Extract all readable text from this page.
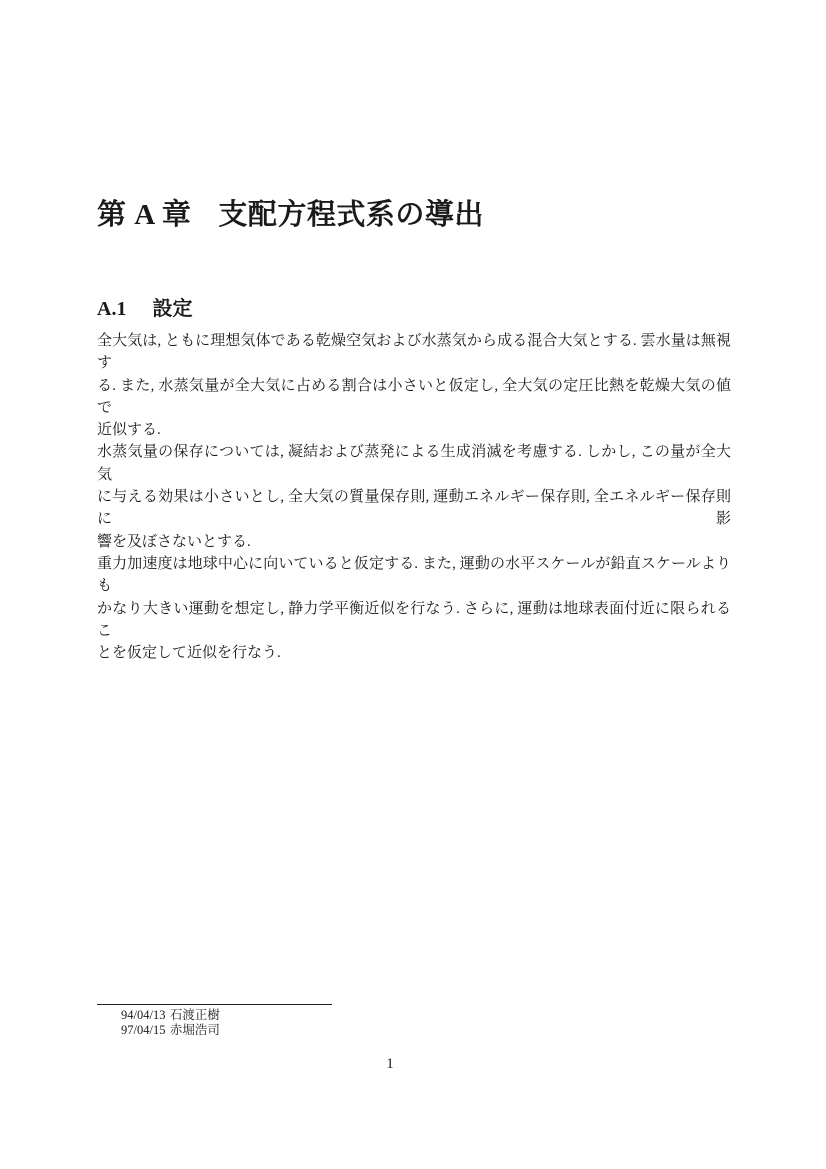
第 A 章 支配方程式系の導出
A.1 設定

全大気は, ともに理想気体である乾燥空気および水蒸気から成る混合大気とする. 雲水量は無視す
る. また, 水蒸気量が全大気に占める割合は小さいと仮定し, 全大気の定圧比熱を乾燥大気の値で
近似する.

水蒸気量の保存については, 凝結および蒸発による生成消滅を考慮する. しかし, この量が全大気
に与える効果は小さいとし, 全大気の質量保存則, 運動エネルギー保存則, 全エネルギー保存則に影
響を及ぼさないとする.

重力加速度は地球中心に向いていると仮定する. また, 運動の水平スケールが鉛直スケールよりも
かなり大きい運動を想定し, 静力学平衡近似を行なう. さらに, 運動は地球表面付近に限られるこ
とを仮定して近似を行なう.

94/04/13 石渡正樹
97/04/15 赤堀浩司
1
